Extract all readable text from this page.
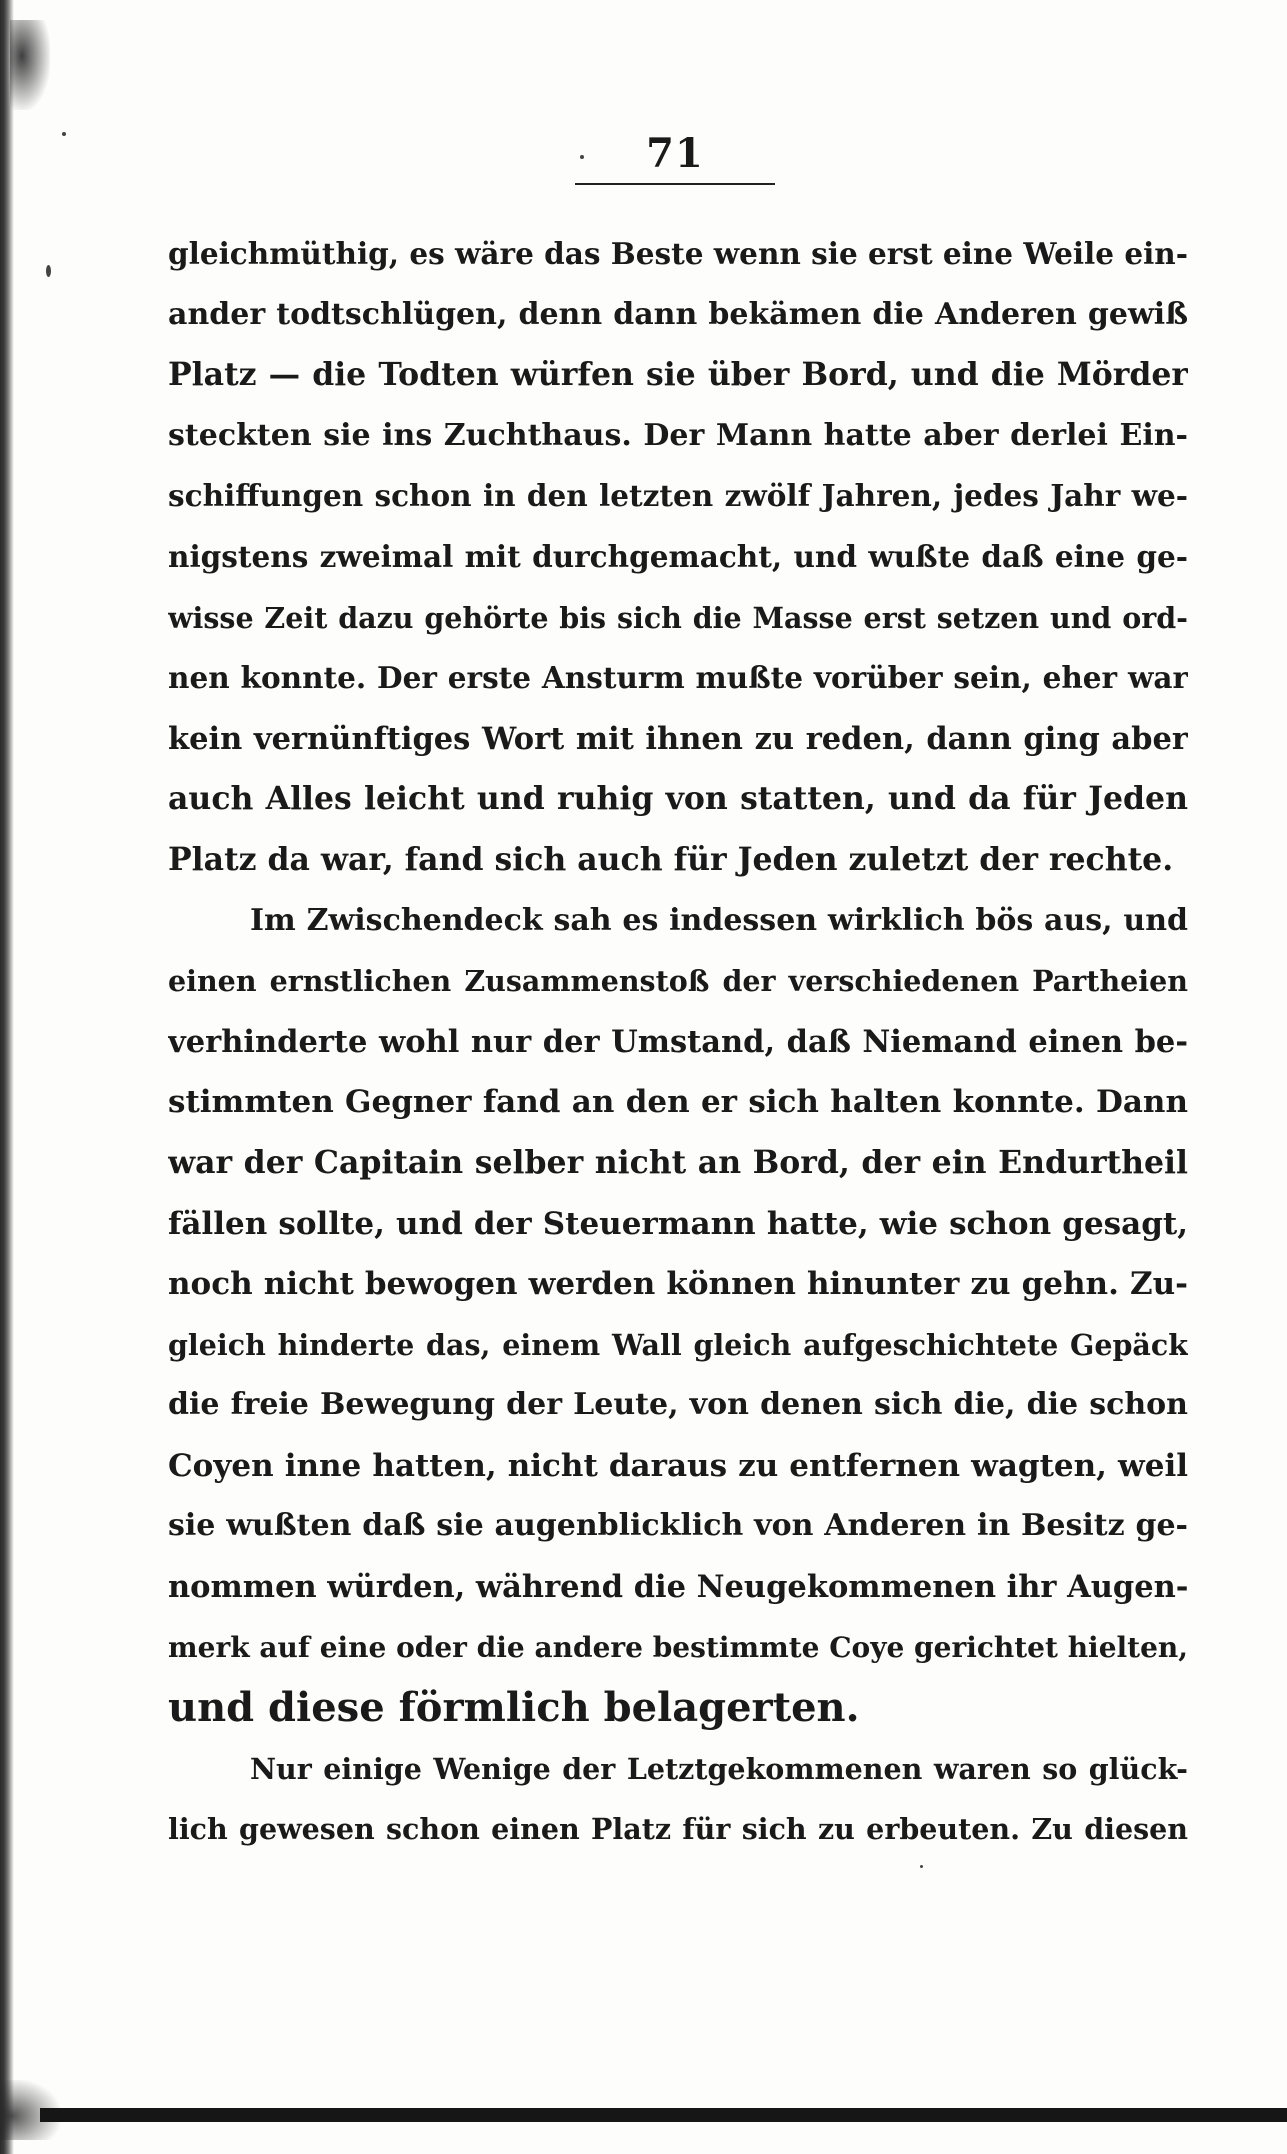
71
gleichmüthig, es wäre das Beste wenn sie erst eine Weile ein-
ander todtschlügen, denn dann bekämen die Anderen gewiß
Platz — die Todten würfen sie über Bord, und die Mörder
steckten sie ins Zuchthaus. Der Mann hatte aber derlei Ein-
schiffungen schon in den letzten zwölf Jahren, jedes Jahr we-
nigstens zweimal mit durchgemacht, und wußte daß eine ge-
wisse Zeit dazu gehörte bis sich die Masse erst setzen und ord-
nen konnte. Der erste Ansturm mußte vorüber sein, eher war
kein vernünftiges Wort mit ihnen zu reden, dann ging aber
auch Alles leicht und ruhig von statten, und da für Jeden
Platz da war, fand sich auch für Jeden zuletzt der rechte.
Im Zwischendeck sah es indessen wirklich bös aus, und
einen ernstlichen Zusammenstoß der verschiedenen Partheien
verhinderte wohl nur der Umstand, daß Niemand einen be-
stimmten Gegner fand an den er sich halten konnte. Dann
war der Capitain selber nicht an Bord, der ein Endurtheil
fällen sollte, und der Steuermann hatte, wie schon gesagt,
noch nicht bewogen werden können hinunter zu gehn. Zu-
gleich hinderte das, einem Wall gleich aufgeschichtete Gepäck
die freie Bewegung der Leute, von denen sich die, die schon
Coyen inne hatten, nicht daraus zu entfernen wagten, weil
sie wußten daß sie augenblicklich von Anderen in Besitz ge-
nommen würden, während die Neugekommenen ihr Augen-
merk auf eine oder die andere bestimmte Coye gerichtet hielten,
und diese förmlich belagerten.
Nur einige Wenige der Letztgekommenen waren so glück-
lich gewesen schon einen Platz für sich zu erbeuten. Zu diesen
